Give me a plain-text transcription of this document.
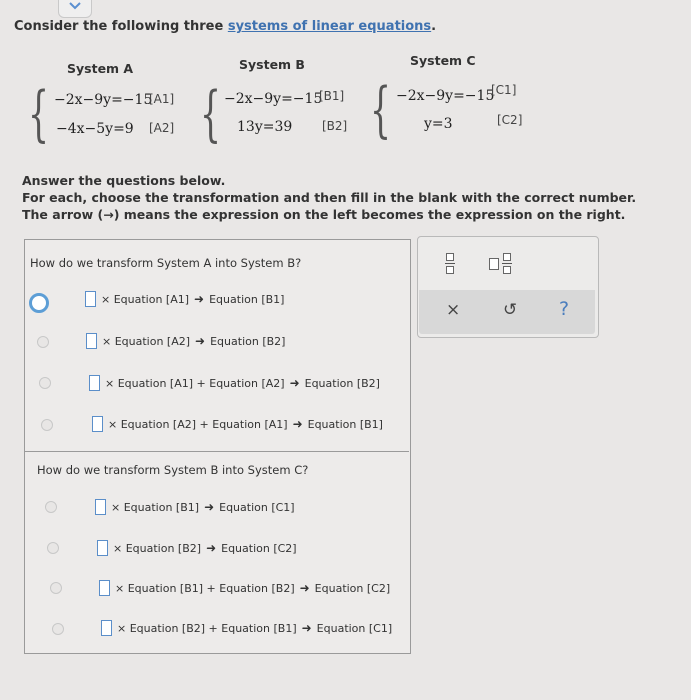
Consider the following three systems of linear equations.
System A
{ −2x−9y=−15
[A1]
−4x−5y=9 [A2]
System B
{ −2x−9y=−15
[B1]
13y=39 [B2]
System C
{ −2x−9y=−15
[C1]
y=3	[C2]
Answer the questions below.
For each, choose the transformation and then fill in the blank with the correct number.
The arrow (→) means the expression on the left becomes the expression on the right.
How do we transform System A into System B?
× Equation [A1] ➜ Equation [B1]
× Equation [A2] ➜ Equation [B2]
× Equation [A1] + Equation [A2] ➜ Equation [B2]
× Equation [A2] + Equation [A1] ➜ Equation [B1]
How do we transform System B into System C?
× Equation [B1] ➜ Equation [C1]
× Equation [B2] ➜ Equation [C2]
× Equation [B1] + Equation [B2] ➜ Equation [C2]
× Equation [B2] + Equation [B1] ➜ Equation [C1]
×	↺ ?
